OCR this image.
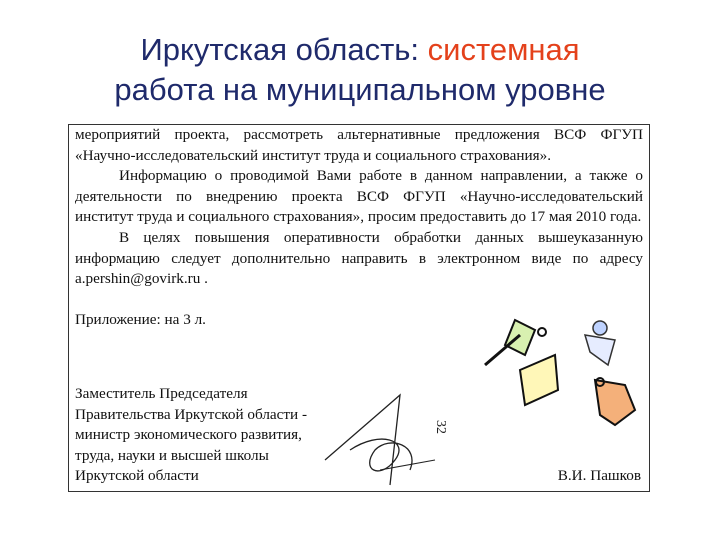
Иркутская область: системная
работа на муниципальном уровне

мероприятий проекта, рассмотреть альтернативные предложения ВСФ ФГУП «Научно-исследовательский институт труда и социального страхования».

Информацию о проводимой Вами работе в данном направлении, а также о деятельности по внедрению проекта ВСФ ФГУП «Научно-исследовательский институт труда и социального страхования», просим предоставить до 17 мая 2010 года.

В целях повышения оперативности обработки данных вышеуказанную информацию следует дополнительно направить в электронном виде по адресу a.pershin@govirk.ru .

Приложение: на 3 л.

Заместитель Председателя
Правительства Иркутской области -
министр экономического развития,
труда, науки и высшей школы
Иркутской области	В.И. Пашков
32
